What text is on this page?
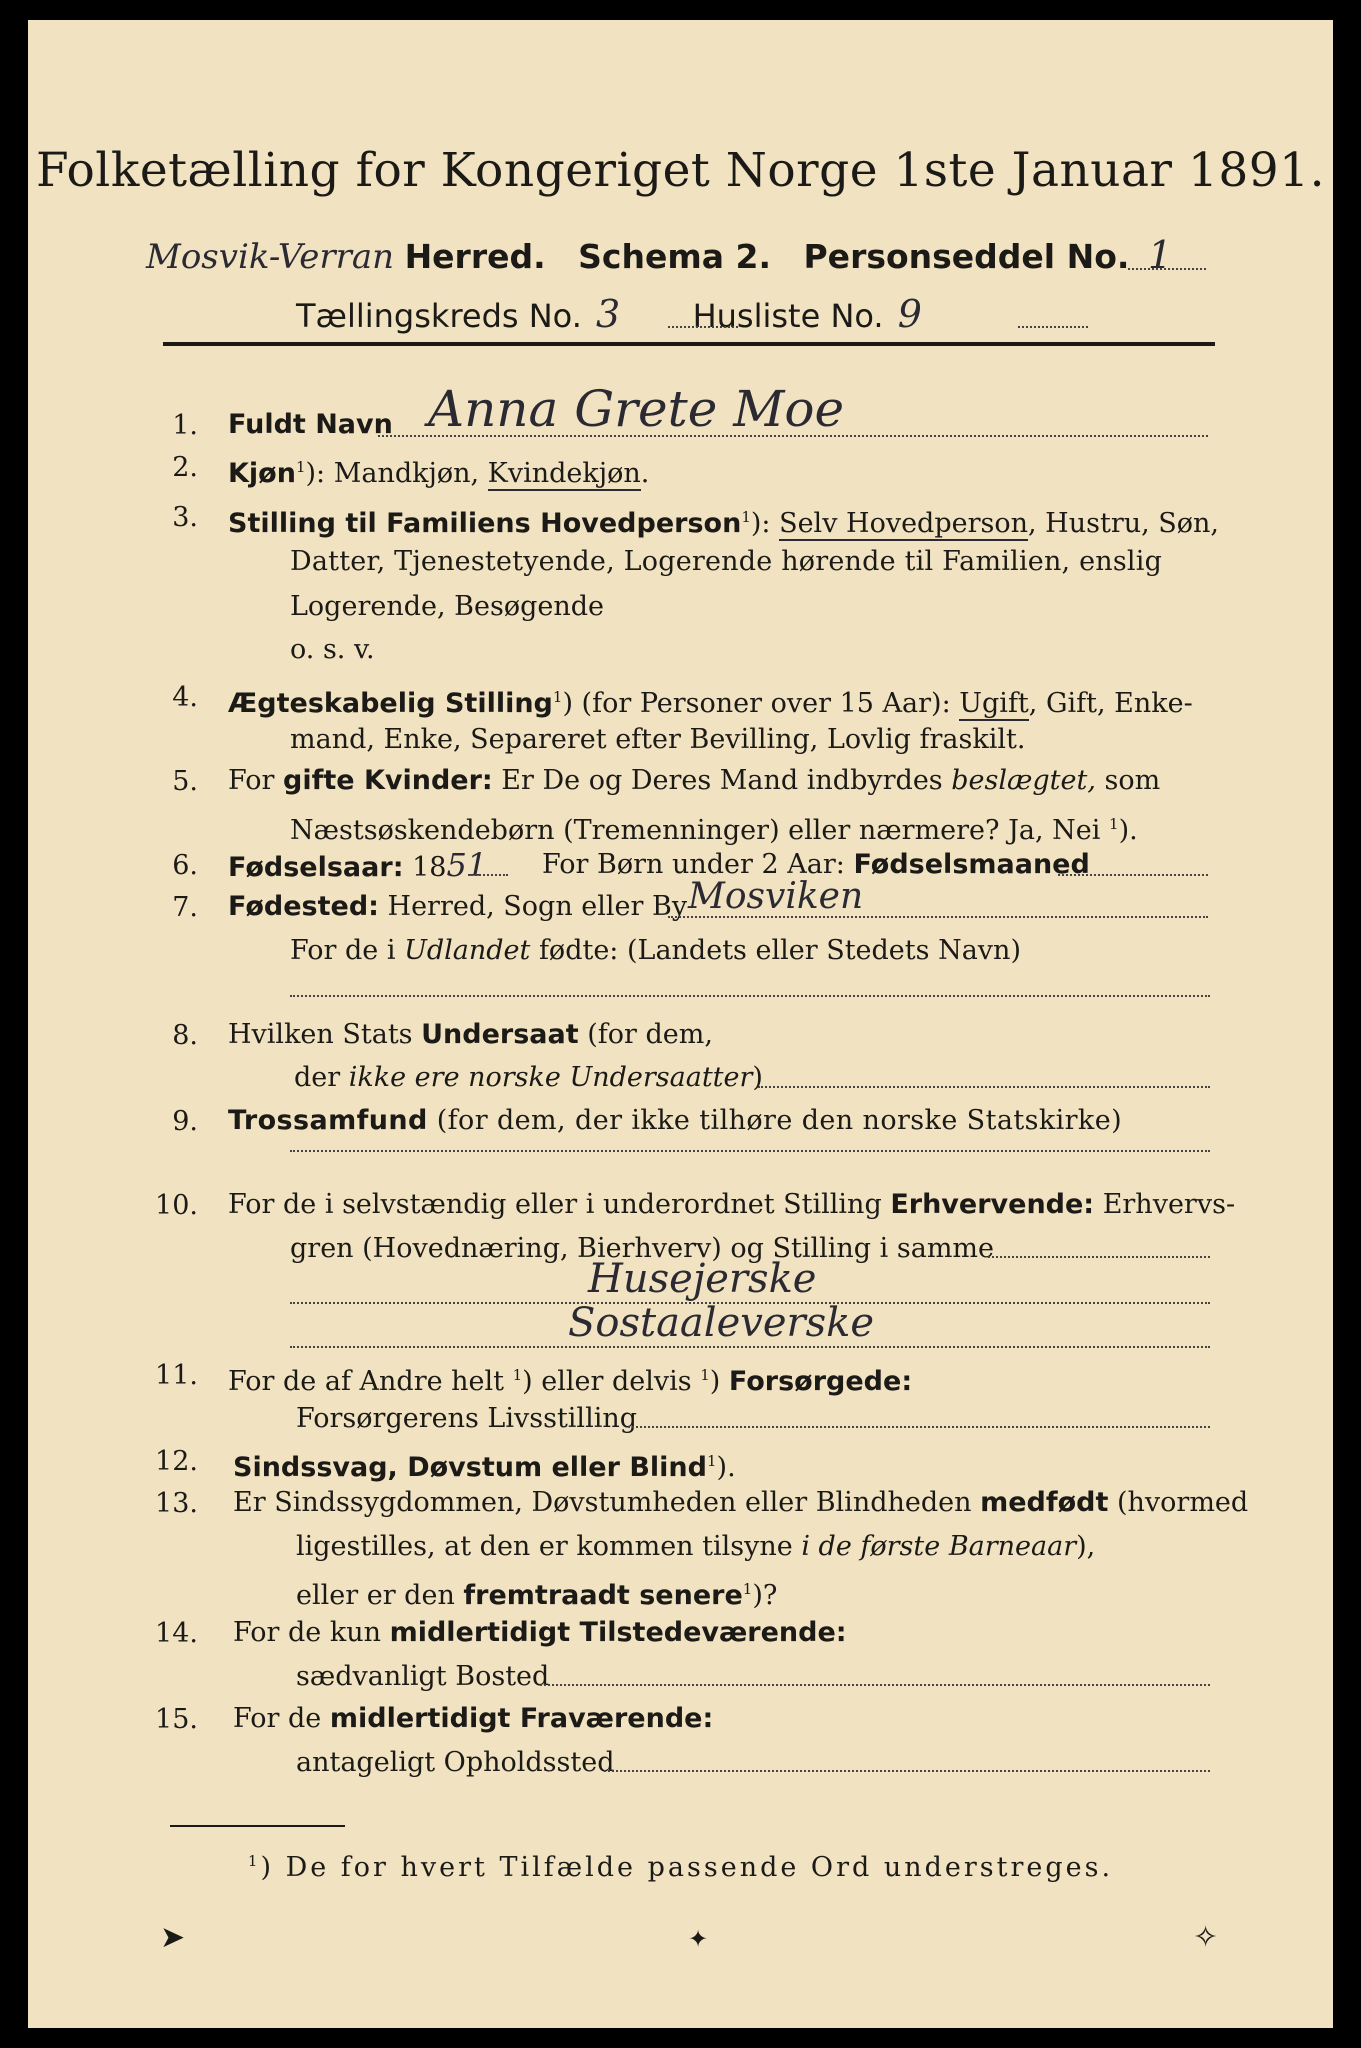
Folketælling for Kongeriget Norge 1ste Januar 1891.
Mosvik-Verran Herred. Schema 2. Personseddel No. 1
Tællingskreds No. 3 Husliste No. 9
1. Fuldt Navn Anna Grete Moe
2. Kjøn$^1$): Mandkjøn, Kvindekjøn.
3. Stilling til Familiens Hovedperson$^1$): Selv Hovedperson, Hustru, Søn,
Datter, Tjenestetyende, Logerende hørende til Familien, enslig
Logerende, Besøgende
o. s. v.
4. Ægteskabelig Stilling$^1$) (for Personer over 15 Aar): Ugift, Gift, Enke-
mand, Enke, Separeret efter Bevilling, Lovlig fraskilt.
5. For gifte Kvinder: Er De og Deres Mand indbyrdes beslægtet, som
Næstsøskendebørn (Tremenninger) eller nærmere? Ja, Nei $^1$).
6. Fødselsaar: 1851 For Børn under 2 Aar: Fødselsmaaned
7. Fødested: Herred, Sogn eller By Mosviken
For de i Udlandet fødte: (Landets eller Stedets Navn)
8. Hvilken Stats Undersaat (for dem,
der ikke ere norske Undersaatter)
9. Trossamfund (for dem, der ikke tilhøre den norske Statskirke)
10. For de i selvstændig eller i underordnet Stilling Erhvervende: Erhvervs-
gren (Hovednæring, Bierhverv) og Stilling i samme
Husejerske
Sostaaleverske
11. For de af Andre helt $^1$) eller delvis $^1$) Forsørgede:
Forsørgerens Livsstilling
12. Sindssvag, Døvstum eller Blind$^1$).
13. Er Sindssygdommen, Døvstumheden eller Blindheden medfødt (hvormed
ligestilles, at den er kommen tilsyne i de første Barneaar),
eller er den fremtraadt senere$^1$)?
14. For de kun midlertidigt Tilstedeværende:
sædvanligt Bosted
15. For de midlertidigt Fraværende:
antageligt Opholdssted
$^1$) De for hvert Tilfælde passende Ord understreges.
➤	✦	✧
